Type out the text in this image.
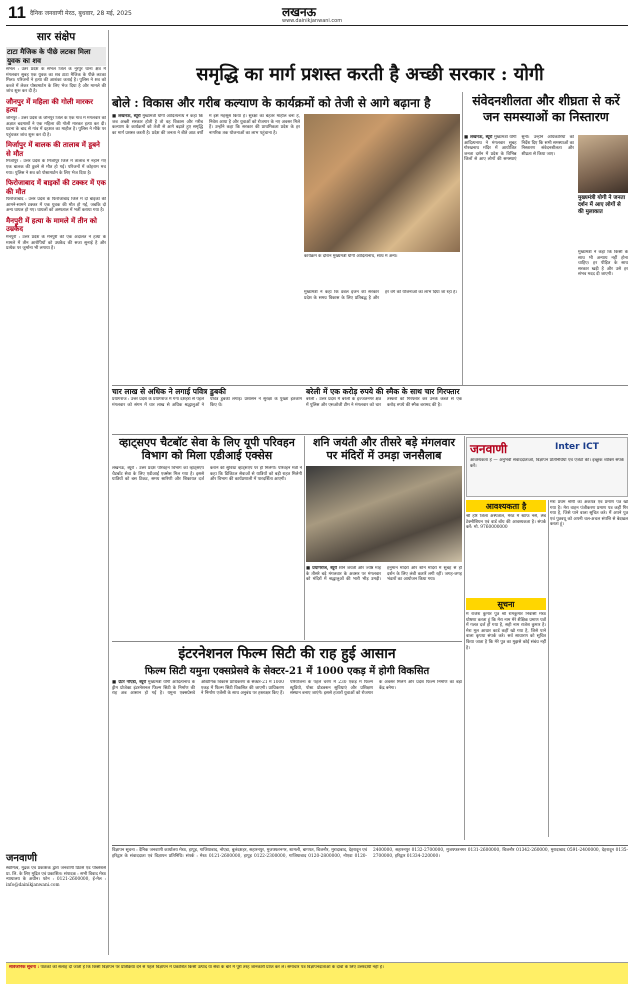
11 दैनिक जनवाणी मेरठ, बुधवार, 28 मई, 2025	लखनऊ
www.dainikjanwani.com
सार संक्षेप
टाटा मैजिक के पीछे लटका मिला युवक का शव
संभल : उतर प्रदेश के संभल जिले के नूरपुर थाना क्षेत्र में मंगलवार सुबह एक युवक का शव टाटा मैजिक के पीछे लटका मिला। परिजनों ने हत्या की आशंका जताई है। पुलिस ने शव को कब्जे में लेकर पोस्टमार्टम के लिए भेज दिया है और मामले की जांच शुरू कर दी है।
जौनपुर में महिला की गोली मारकर हत्या
जौनपुर : उत्तर प्रदेश के जौनपुर जिले के एक गांव में मंगलवार को अज्ञात बदमाशों ने एक महिला की गोली मारकर हत्या कर दी। घटना के बाद से गांव में दहशत का माहौल है। पुलिस ने मौके पर पहुंचकर जांच शुरू कर दी है।
मिर्जापुर में बालक की तालाब में डूबने से मौत
मिर्जापुर : उत्तर प्रदेश के मिर्जापुर जिले में तालाब में नहाने गए एक बालक की डूबने से मौत हो गई। परिजनों में कोहराम मच गया। पुलिस ने शव को पोस्टमार्टम के लिए भेज दिया है।
फिरोजाबाद में बाइकों की टक्कर में एक की मौत
फिरोजाबाद : उत्तर प्रदेश के फिरोजाबाद जिले में दो बाइकों की आमने-सामने टक्कर में एक युवक की मौत हो गई, जबकि दो अन्य घायल हो गए। घायलों को अस्पताल में भर्ती कराया गया है।
मैनपुरी में हत्या के मामले में तीन को उम्रकैद
मैनपुरी : उत्तर प्रदेश के मैनपुरी की एक अदालत ने हत्या के मामले में तीन आरोपियों को उम्रकैद की सजा सुनाई है और प्रत्येक पर जुर्माना भी लगाया है।
समृद्धि का मार्ग प्रशस्त करती है अच्छी सरकार : योगी
बोले : विकास और गरीब कल्याण के कार्यक्रमों को तेजी से आगे बढ़ाना है
■ लखनऊ, ब्यूरो मुख्यमंत्री योगी आदित्यनाथ ने कहा कि जब अच्छी सरकार होती है तो वह विकास और गरीब कल्याण के कार्यक्रमों को तेजी से आगे बढ़ाते हुए समृद्धि का मार्ग प्रशस्त करती है। प्रदेश की जनता ने बीते आठ वर्षों में इसे महसूस किया है। सुरक्षा का बेहतर माहौल बना है, निवेश आया है और युवाओं को रोजगार के नए अवसर मिले हैं। उन्होंने कहा कि सरकार की प्राथमिकता प्रदेश के हर नागरिक तक योजनाओं का लाभ पहुंचाना है।
कार्यक्रम के दौरान मुख्यमंत्री योगी आदित्यनाथ, साथ में अन्य।
मुख्यमंत्री ने कहा कि डबल इंजन की सरकार प्रदेश के समग्र विकास के लिए प्रतिबद्ध है और हर वर्ग को योजनाओं का लाभ दिया जा रहा है।
संवेदनशीलता और शीघ्रता से करें जन समस्याओं का निस्तारण
■ लखनऊ, ब्यूरो मुख्यमंत्री योगी आदित्यनाथ ने मंगलवार सुबह गोरखनाथ मंदिर में आयोजित जनता दर्शन में प्रदेश के विभिन्न जिलों से आए लोगों की समस्याएं सुनीं। उन्होंने अधिकारियों को निर्देश दिए कि सभी समस्याओं का निस्तारण संवेदनशीलता और शीघ्रता से किया जाए।
मुख्यमंत्री योगी ने जनता दर्शन में आए लोगों से की मुलाकात
मुख्यमंत्री ने कहा कि किसी के साथ भी अन्याय नहीं होना चाहिए। हर पीड़ित के साथ सरकार खड़ी है और उसे हर संभव मदद दी जाएगी।
चार लाख से अधिक ने लगाई पवित्र डुबकी
प्रयागराज : उत्तर प्रदेश के प्रयागराज में गंगा दशहरा से पहले मंगलवार को संगम में चार लाख से अधिक श्रद्धालुओं ने पवित्र डुबकी लगाई। प्रशासन ने सुरक्षा के पुख्ता इंतजाम किए थे।
बरेली में एक करोड़ रुपये की स्मैक के साथ चार गिरफ्तार
बरेली : उत्तर प्रदेश में बरेली के इज्जतनगर क्षेत्र में पुलिस और एसओजी टीम ने मंगलवार को चार तस्करों को गिरफ्तार कर उनके कब्जे से एक करोड़ रुपये की स्मैक बरामद की है।
व्हाट्सएप चैटबॉट सेवा के लिए यूपी परिवहन विभाग को मिला एडीआई एक्सेस
लखनऊ, ब्यूरो : उत्तर प्रदेश परिवहन विभाग को व्हाट्सएप चैटबॉट सेवा के लिए एडीआई एक्सेस मिल गया है। इससे यात्रियों को बस टिकट, समय सारिणी और शिकायत दर्ज कराने की सुविधा व्हाट्सएप पर ही मिलेगी। परिवहन मंत्री ने कहा कि डिजिटल सेवाओं से यात्रियों को बड़ी राहत मिलेगी और विभाग की कार्यप्रणाली में पारदर्शिता आएगी।
शनि जयंती और तीसरे बड़े मंगलवार पर मंदिरों में उमड़ा जनसैलाब
■ प्रयागराज, ब्यूरो शनि जयंती और ज्येष्ठ माह के तीसरे बड़े मंगलवार के अवसर पर मंगलवार को मंदिरों में श्रद्धालुओं की भारी भीड़ उमड़ी। हनुमान मंदिरों और शनि मंदिरों में सुबह से ही दर्शन के लिए लंबी कतारें लगी रहीं। जगह-जगह भंडारों का आयोजन किया गया।
जनवाणी	Inter ICT
आवश्यकता है — अनुभवी संवाददाताओं, विज्ञापन प्रतिनिधियों एवं एजेंटों की। इच्छुक व्यक्ति संपर्क करें।
आवश्यकता है
श्री हरि जिला अस्पताल, मेरठ में स्टाफ नर्स, लैब टेक्नीशियन एवं वार्ड बॉय की आवश्यकता है। संपर्क करें: मो. 9760000000
सूचना
मैं राजेश कुमार पुत्र श्री रामकुमार निवासी मेरठ घोषणा करता हूं कि मेरा नाम मेरे शैक्षिक प्रमाण पत्रों में गलत दर्ज हो गया है, सही नाम राजेश कुमार है। मेरा मूल आधार कार्ड कहीं खो गया है, जिसे पाने वाला कृपया संपर्क करे। सर्व साधारण को सूचित किया जाता है कि मेरे पुत्र का मुझसे कोई संबंध नहीं है।
मेरा प्रथम श्रेणी का अंकपत्र एवं प्रमाण पत्र खो गया है। मेरा वाहन पंजीकरण प्रमाण पत्र कहीं गिर गया है, जिसे पाने वाला सूचित करे। मैं अपने पुत्र एवं पुत्रवधू को अपनी चल-अचल संपत्ति से बेदखल करता हूं।
इंटरनेशनल फिल्म सिटी की राह हुई आसान
फिल्म सिटी यमुना एक्सप्रेसवे के सेक्टर-21 में 1000 एकड़ में होगी विकसित
■ ग्रेटर नोएडा, ब्यूरो मुख्यमंत्री योगी आदित्यनाथ के ड्रीम प्रोजेक्ट इंटरनेशनल फिल्म सिटी के निर्माण की राह अब आसान हो गई है। यमुना एक्सप्रेसवे औद्योगिक विकास प्राधिकरण के सेक्टर-21 में 1000 एकड़ में फिल्म सिटी विकसित की जाएगी। प्राधिकरण ने निर्माण एजेंसी के साथ अनुबंध पर हस्ताक्षर किए हैं। परियोजना के पहले चरण में 230 एकड़ में फिल्म स्टूडियो, पोस्ट प्रोडक्शन सुविधाएं और प्रशिक्षण संस्थान बनाए जाएंगे। इससे हजारों युवाओं को रोजगार के अवसर मिलेंगे और प्रदेश फिल्म निर्माण का बड़ा केंद्र बनेगा।
जनवाणी
स्वामित्व, मुद्रक एवं प्रकाशक द्वारा जनवाणी प्रिंटर्स एंड पब्लिशर्स प्रा. लि. के लिए मुद्रित एवं प्रकाशित। संपादक : सभी विवाद मेरठ न्यायालय के अधीन। फोन : 0121-2600000, ई-मेल : info@dainikjanwani.com
विज्ञापन सूचना : दैनिक जनवाणी कार्यालय मेरठ, हापुड़, गाजियाबाद, नोएडा, बुलंदशहर, सहारनपुर, मुजफ्फरनगर, शामली, बागपत, बिजनौर, मुरादाबाद, देहरादून एवं हरिद्वार के संवाददाता एवं विज्ञापन प्रतिनिधि। संपर्क : मेरठ 0121-2600000, हापुड़ 0122-2300000, गाजियाबाद 0120-2800000, नोएडा 0120-2400000, सहारनपुर 0132-2700000, मुजफ्फरनगर 0131-2600000, बिजनौर 01342-260000, मुरादाबाद 0591-2400000, देहरादून 0135-2700000, हरिद्वार 01334-220000।
सार्वजनिक सूचना : पाठकों को सलाह दी जाती है कि किसी विज्ञापन पर प्रतिक्रिया देने से पहले विज्ञापन में प्रकाशित किसी उत्पाद या सेवा के बारे में पूरी तरह जानकारी प्राप्त कर लें। समाचार पत्र विज्ञापनदाताओं के दावों के लिए उत्तरदायी नहीं है।
